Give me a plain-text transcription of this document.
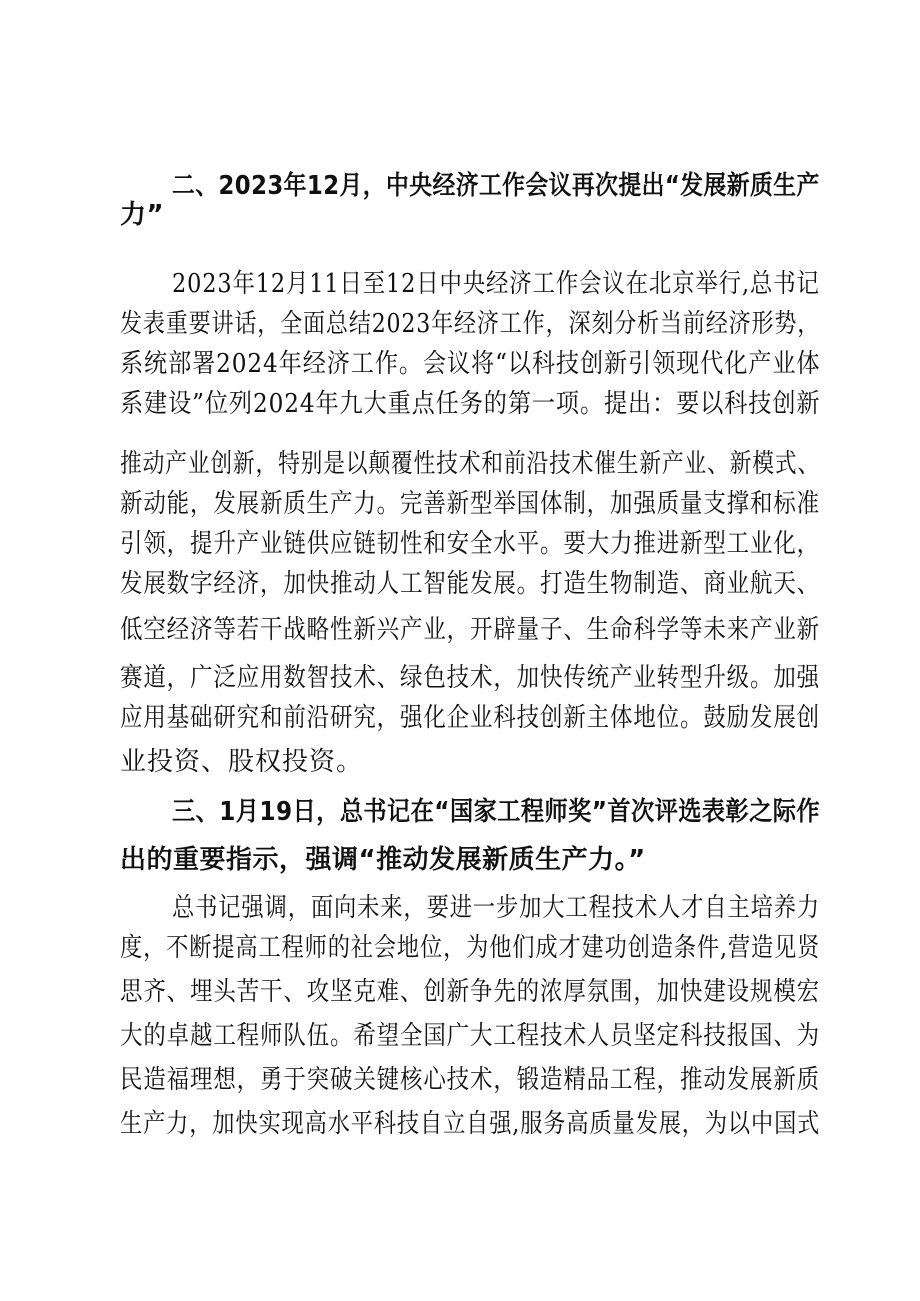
二、2023年12月，中央经济工作会议再次提出“发展新质生产
力”
2023年12月11日至12日中央经济工作会议在北京举行,总书记
发表重要讲话，全面总结2023年经济工作，深刻分析当前经济形势，
系统部署2024年经济工作。会议将“以科技创新引领现代化产业体
系建设”位列2024年九大重点任务的第一项。提出：要以科技创新
推动产业创新，特别是以颠覆性技术和前沿技术催生新产业、新模式、
新动能，发展新质生产力。完善新型举国体制，加强质量支撑和标准
引领，提升产业链供应链韧性和安全水平。要大力推进新型工业化，
发展数字经济，加快推动人工智能发展。打造生物制造、商业航天、
低空经济等若干战略性新兴产业，开辟量子、生命科学等未来产业新
赛道，广泛应用数智技术、绿色技术，加快传统产业转型升级。加强
应用基础研究和前沿研究，强化企业科技创新主体地位。鼓励发展创
业投资、股权投资。
三、1月19日，总书记在“国家工程师奖”首次评选表彰之际作
出的重要指示，强调“推动发展新质生产力。”
总书记强调，面向未来，要进一步加大工程技术人才自主培养力
度，不断提高工程师的社会地位，为他们成才建功创造条件,营造见贤
思齐、埋头苦干、攻坚克难、创新争先的浓厚氛围，加快建设规模宏
大的卓越工程师队伍。希望全国广大工程技术人员坚定科技报国、为
民造福理想，勇于突破关键核心技术，锻造精品工程，推动发展新质
生产力，加快实现高水平科技自立自强,服务高质量发展，为以中国式
